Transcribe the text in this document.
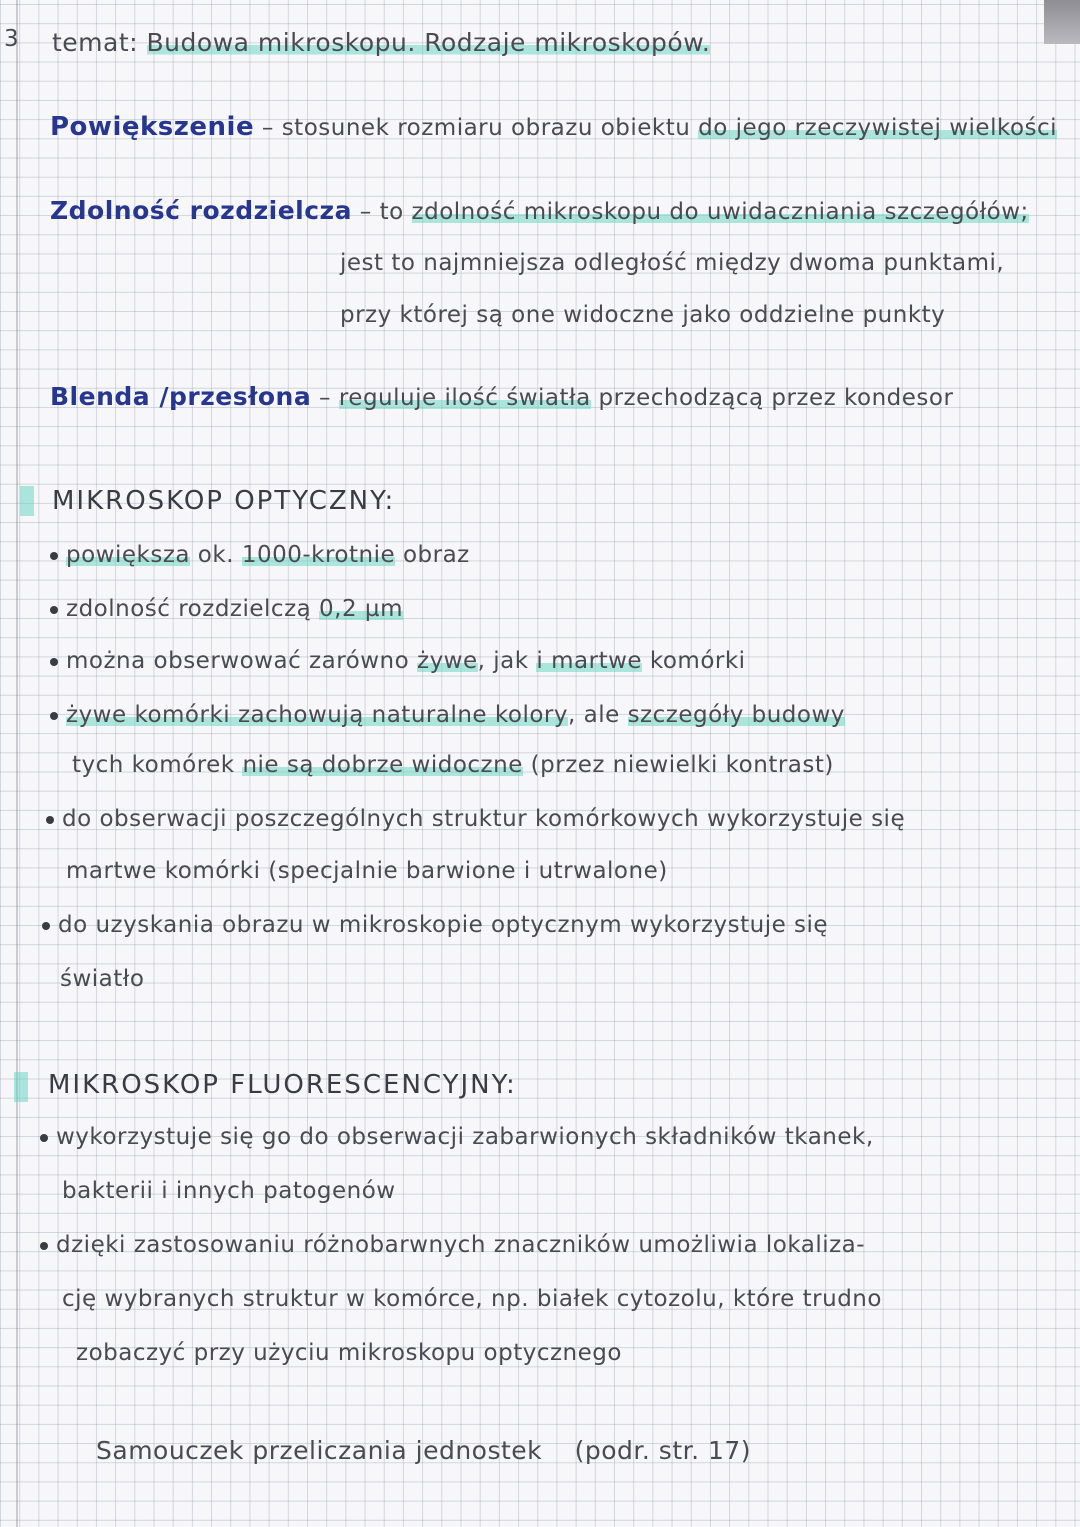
3 temat: Budowa mikroskopu. Rodzaje mikroskopów.
Powiększenie – stosunek rozmiaru obrazu obiektu do jego rzeczywistej wielkości
Zdolność rozdzielcza – to zdolność mikroskopu do uwidaczniania szczegółów;
jest to najmniejsza odległość między dwoma punktami,
przy której są one widoczne jako oddzielne punkty
Blenda /przesłona – reguluje ilość światła przechodzącą przez kondesor
MIKROSKOP OPTYCZNY:
powiększa ok. 1000-krotnie obraz
zdolność rozdzielczą 0,2 µm
można obserwować zarówno żywe, jak i martwe komórki
żywe komórki zachowują naturalne kolory, ale szczegóły budowy
tych komórek nie są dobrze widoczne (przez niewielki kontrast)
do obserwacji poszczególnych struktur komórkowych wykorzystuje się
martwe komórki (specjalnie barwione i utrwalone)
do uzyskania obrazu w mikroskopie optycznym wykorzystuje się
światło
MIKROSKOP FLUORESCENCYJNY:
wykorzystuje się go do obserwacji zabarwionych składników tkanek,
bakterii i innych patogenów
dzięki zastosowaniu różnobarwnych znaczników umożliwia lokaliza-
cję wybranych struktur w komórce, np. białek cytozolu, które trudno
zobaczyć przy użyciu mikroskopu optycznego
Samouczek przeliczania jednostek (podr. str. 17)
